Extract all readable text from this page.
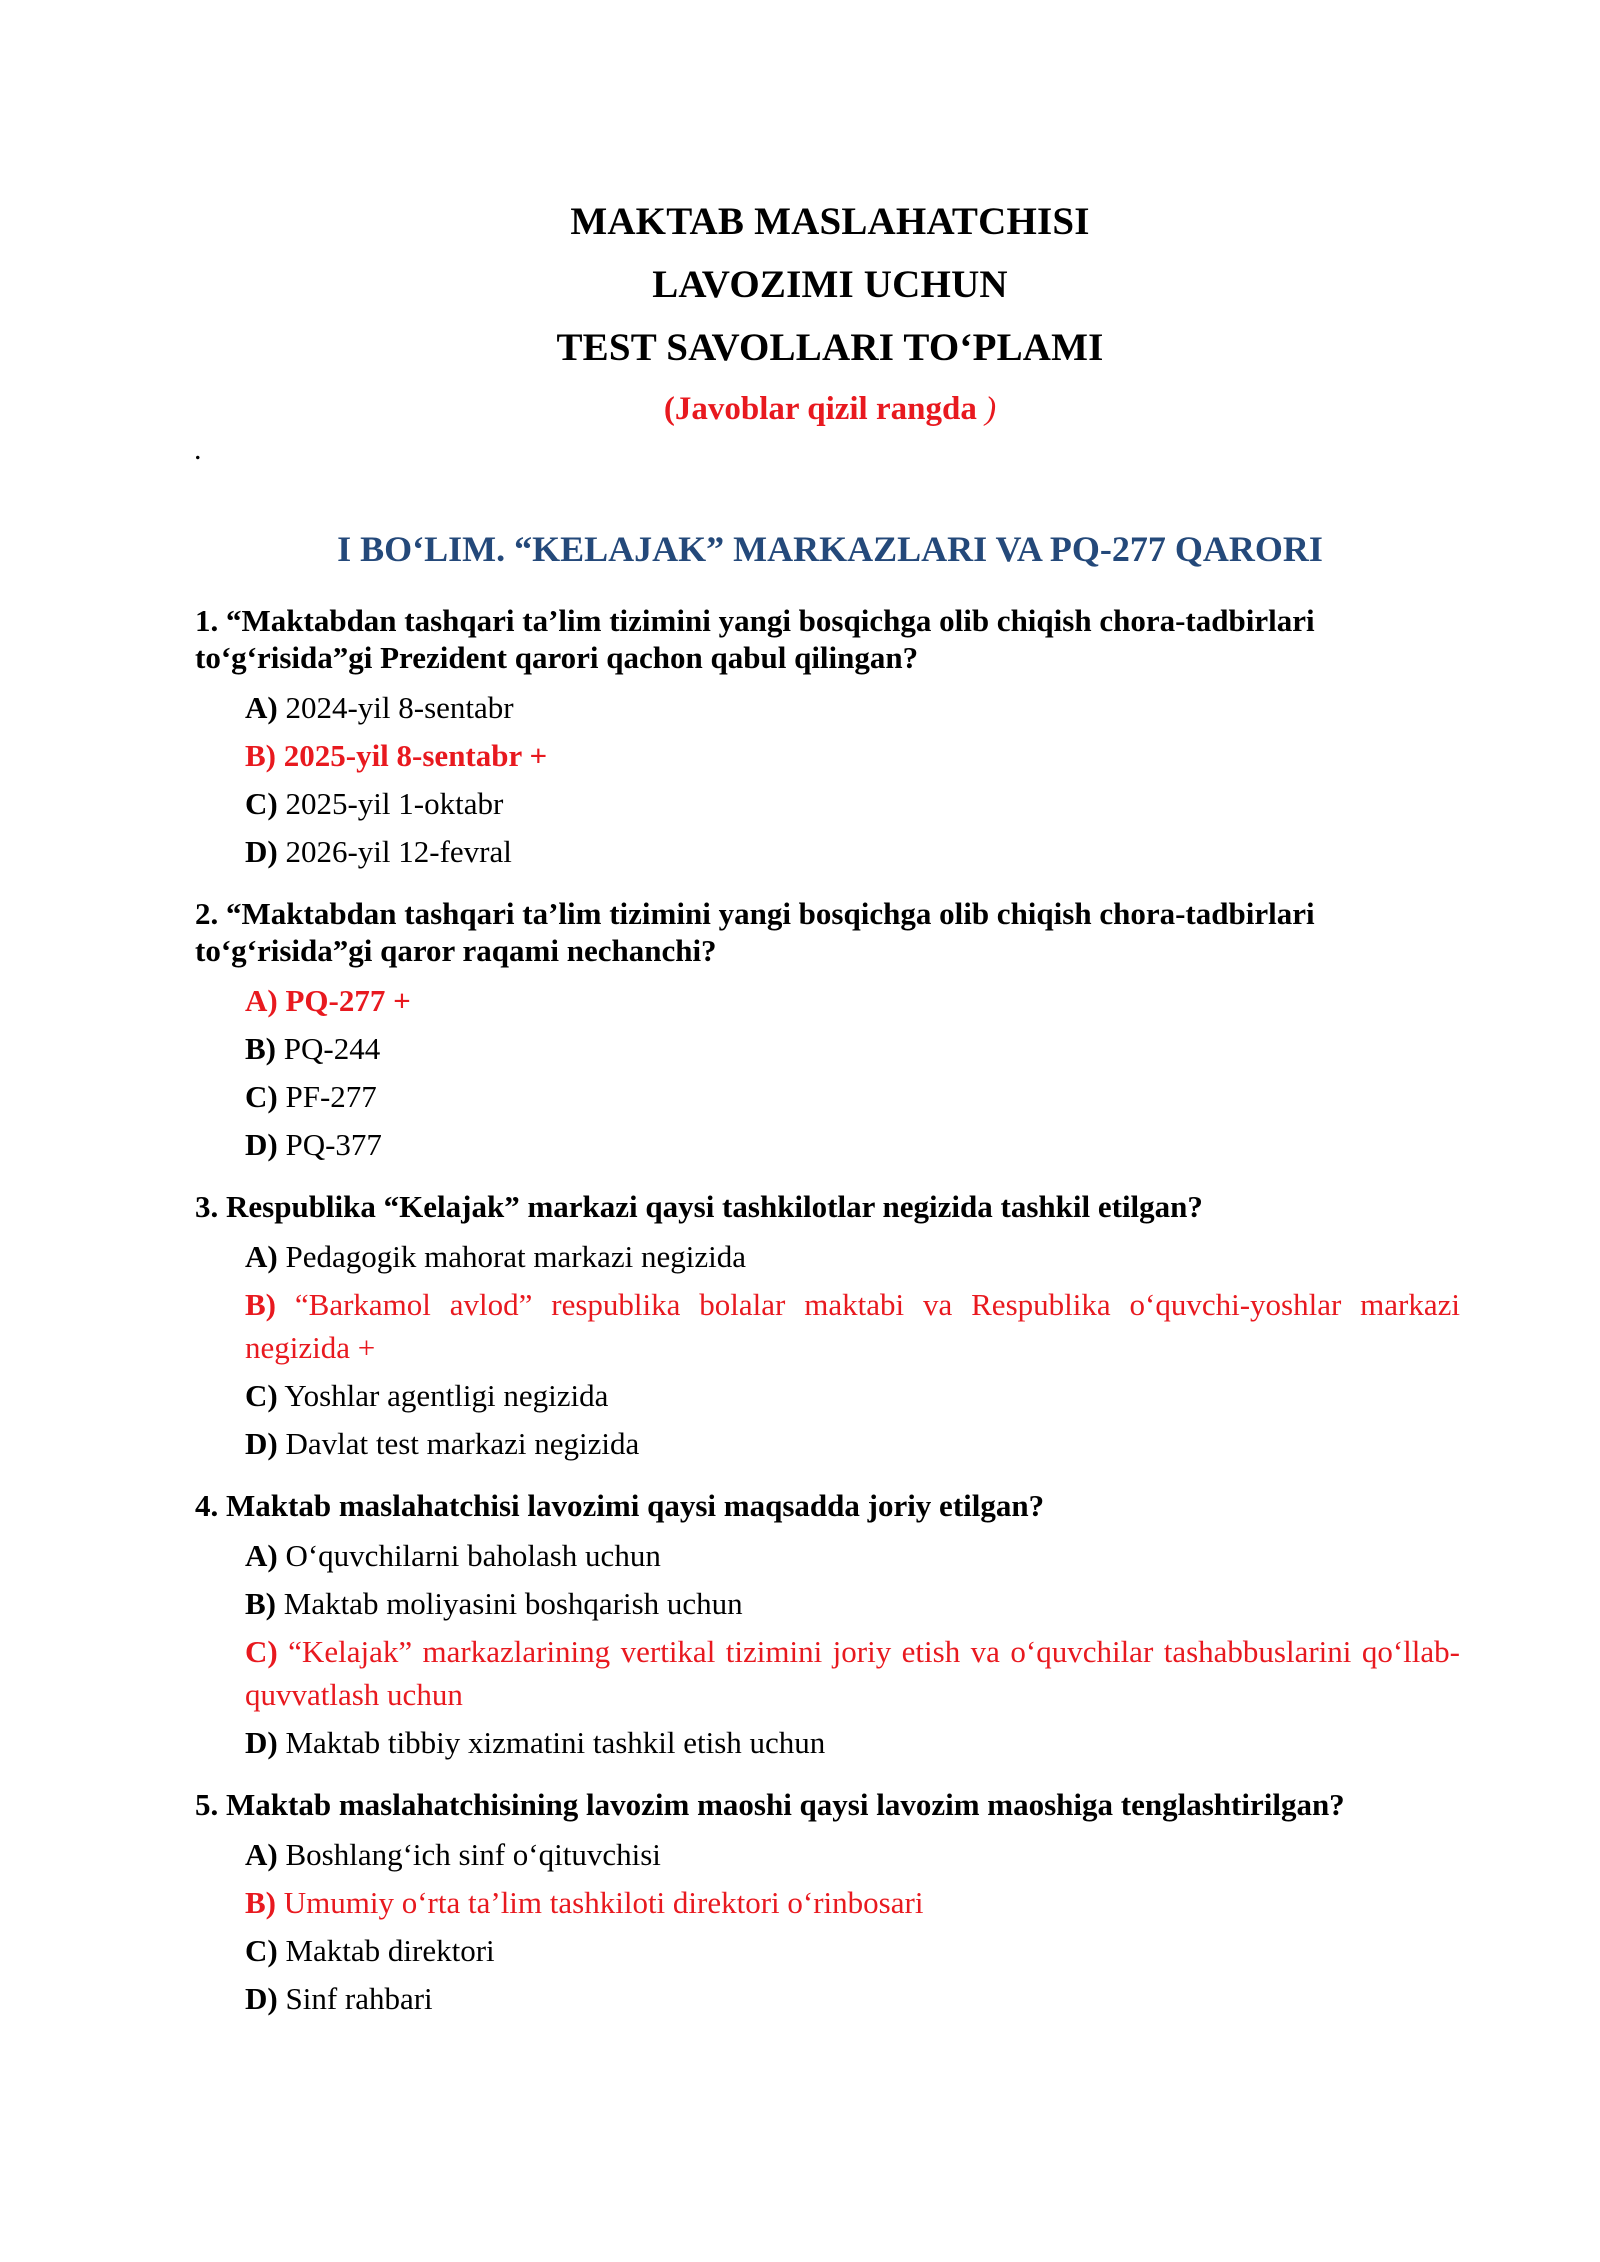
MAKTAB MASLAHATCHISI
LAVOZIMI UCHUN
TEST SAVOLLARI TO‘PLAMI
(Javoblar qizil rangda )
.
I BO‘LIM. “KELAJAK” MARKAZLARI VA PQ-277 QARORI
1. “Maktabdan tashqari ta’lim tizimini yangi bosqichga olib chiqish chora-tadbirlari to‘g‘risida”gi Prezident qarori qachon qabul qilingan?
A) 2024-yil 8-sentabr
B) 2025-yil 8-sentabr +
C) 2025-yil 1-oktabr
D) 2026-yil 12-fevral
2. “Maktabdan tashqari ta’lim tizimini yangi bosqichga olib chiqish chora-tadbirlari to‘g‘risida”gi qaror raqami nechanchi?
A) PQ-277 +
B) PQ-244
C) PF-277
D) PQ-377
3. Respublika “Kelajak” markazi qaysi tashkilotlar negizida tashkil etilgan?
A) Pedagogik mahorat markazi negizida
B) “Barkamol avlod” respublika bolalar maktabi va Respublika o‘quvchi-yoshlar markazi negizida +
C) Yoshlar agentligi negizida
D) Davlat test markazi negizida
4. Maktab maslahatchisi lavozimi qaysi maqsadda joriy etilgan?
A) O‘quvchilarni baholash uchun
B) Maktab moliyasini boshqarish uchun
C) “Kelajak” markazlarining vertikal tizimini joriy etish va o‘quvchilar tashabbuslarini qo‘llab-quvvatlash uchun
D) Maktab tibbiy xizmatini tashkil etish uchun
5. Maktab maslahatchisining lavozim maoshi qaysi lavozim maoshiga tenglashtirilgan?
A) Boshlang‘ich sinf o‘qituvchisi
B) Umumiy o‘rta ta’lim tashkiloti direktori o‘rinbosari
C) Maktab direktori
D) Sinf rahbari
